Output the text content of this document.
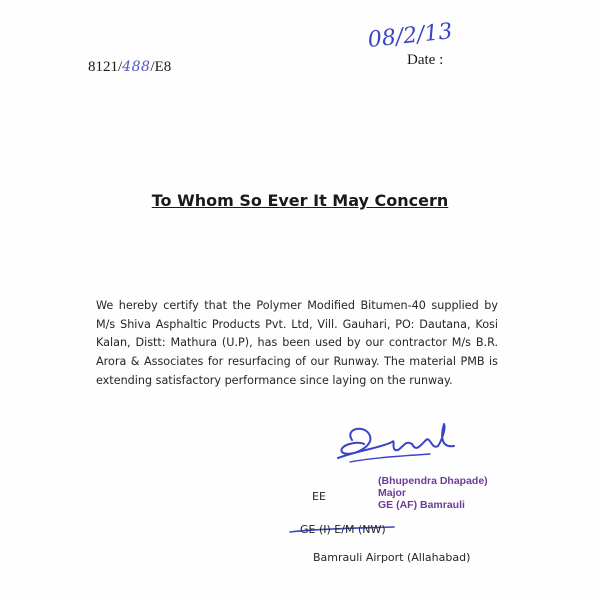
8121/488/E8
08/2/13
Date :
To Whom So Ever It May Concern
We hereby certify that the Polymer Modified Bitumen-40 supplied by M/s Shiva Asphaltic Products Pvt. Ltd, Vill. Gauhari, PO: Dautana, Kosi Kalan, Distt: Mathura (U.P), has been used by our contractor M/s B.R. Arora & Associates for resurfacing of our Runway. The material PMB is extending satisfactory performance since laying on the runway.
(Bhupendra Dhapade)
Major
GE (AF) Bamrauli
EE
GE (I) E/M (NW)
Bamrauli Airport (Allahabad)
